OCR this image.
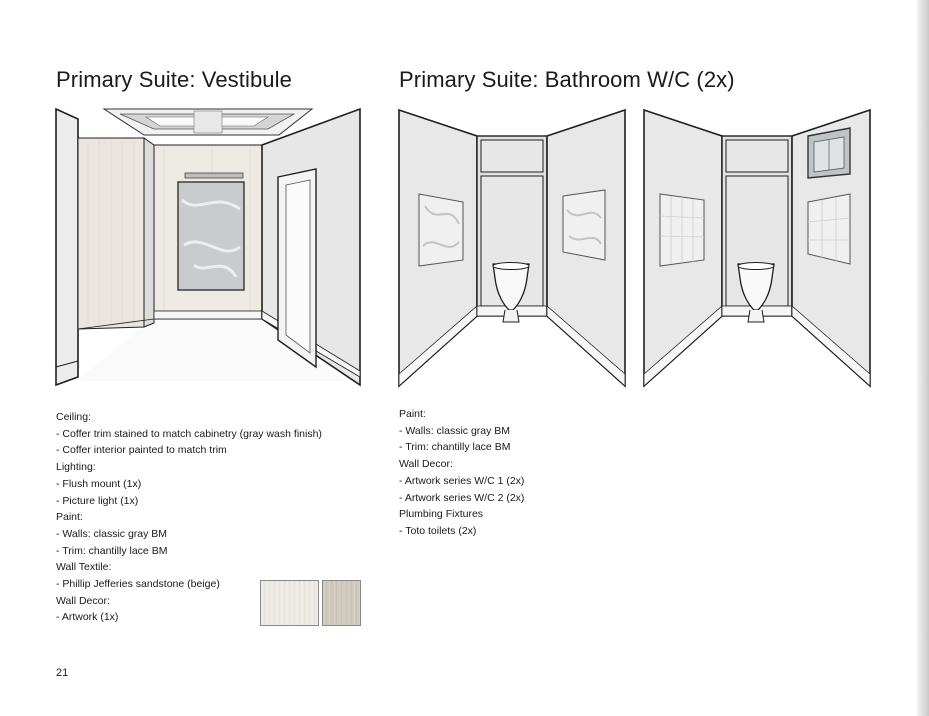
Primary Suite: Vestibule	Primary Suite: Bathroom W/C (2x)
Ceiling:
- Coffer trim stained to match cabinetry (gray wash finish)
- Coffer interior painted to match trim
Lighting:
- Flush mount (1x)
- Picture light (1x)
Paint:
- Walls: classic gray BM
- Trim: chantilly lace BM
Wall Textile:
- Phillip Jefferies sandstone (beige)
Wall Decor:
- Artwork (1x)
Paint:
- Walls: classic gray BM
- Trim: chantilly lace BM
Wall Decor:
- Artwork series W/C 1 (2x)
- Artwork series W/C 2 (2x)
Plumbing Fixtures
- Toto toilets (2x)
21
